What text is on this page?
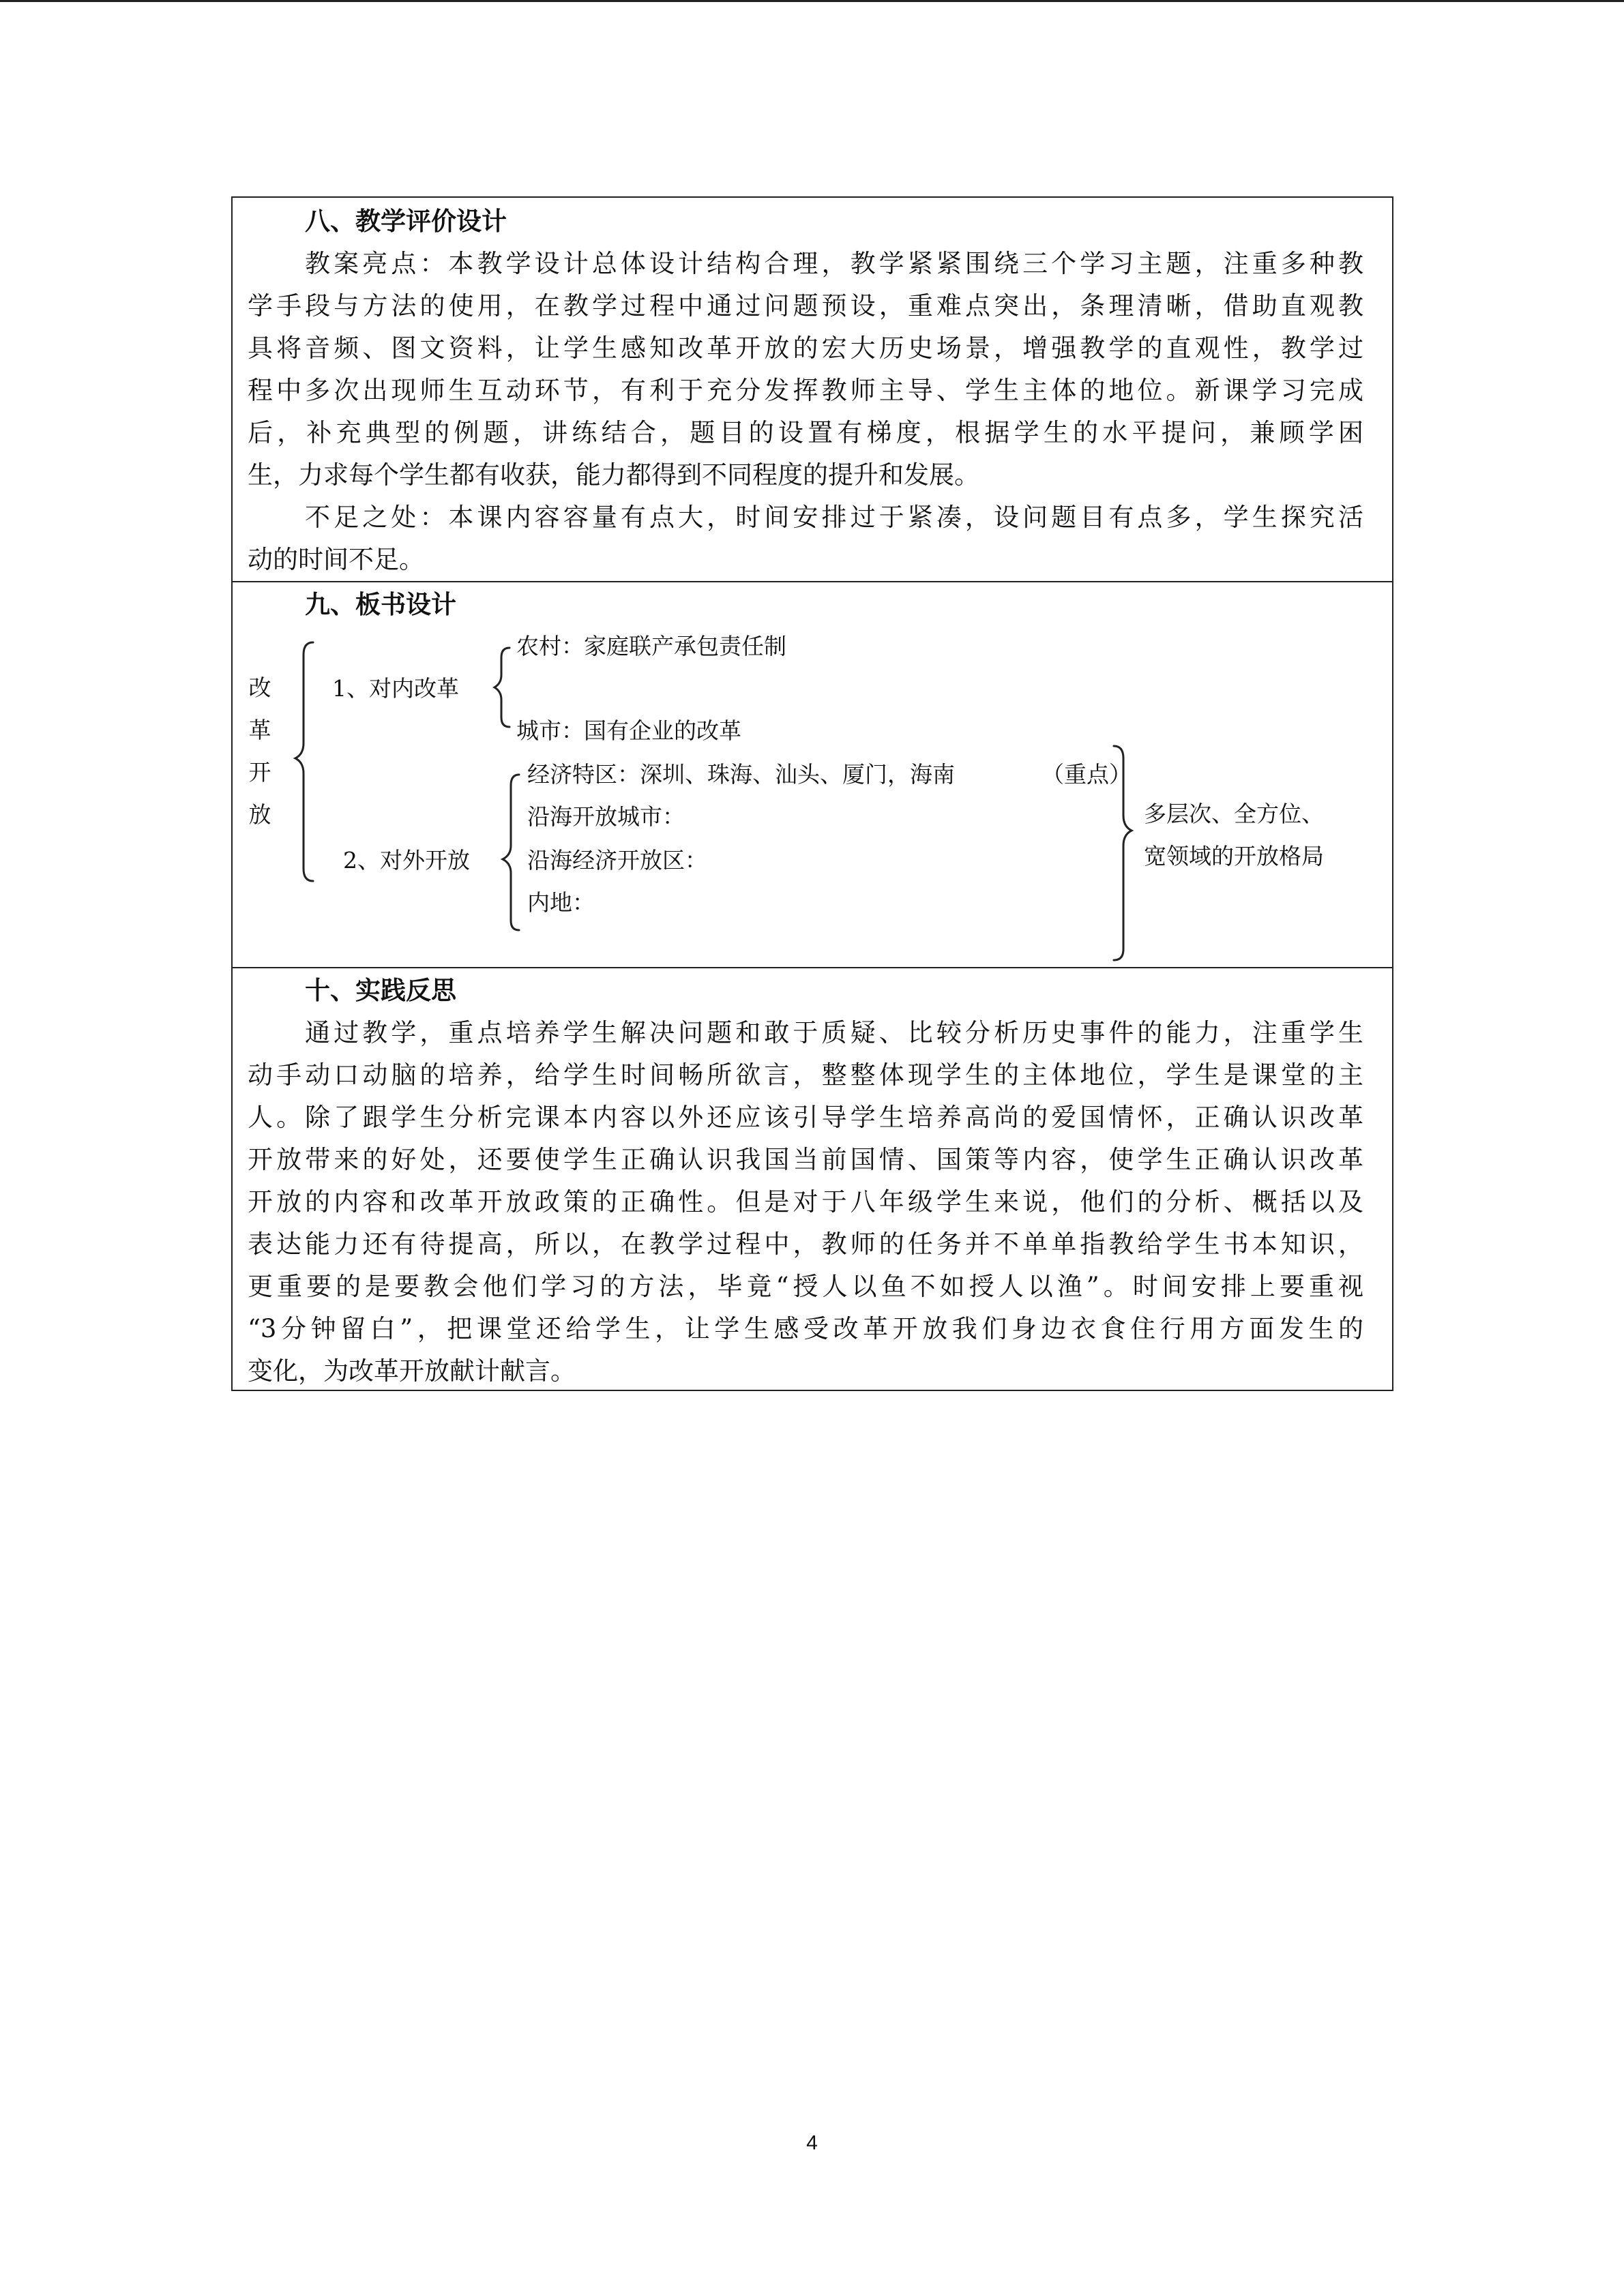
八、教学评价设计
教案亮点：本教学设计总体设计结构合理，教学紧紧围绕三个学习主题，注重多种教
学手段与方法的使用，在教学过程中通过问题预设，重难点突出，条理清晰，借助直观教
具将音频、图文资料，让学生感知改革开放的宏大历史场景，增强教学的直观性，教学过
程中多次出现师生互动环节，有利于充分发挥教师主导、学生主体的地位。新课学习完成
后，补充典型的例题，讲练结合，题目的设置有梯度，根据学生的水平提问，兼顾学困
生，力求每个学生都有收获，能力都得到不同程度的提升和发展。
不足之处：本课内容容量有点大，时间安排过于紧凑，设问题目有点多，学生探究活
动的时间不足。
九、板书设计
改
革
开
放
1、对内改革
农村：家庭联产承包责任制
城市：国有企业的改革
2、对外开放
经济特区：深圳、珠海、汕头、厦门，海南
沿海开放城市：
沿海经济开放区：
内地：
（重点）
多层次、全方位、
宽领域的开放格局
十、实践反思
通过教学，重点培养学生解决问题和敢于质疑、比较分析历史事件的能力，注重学生
动手动口动脑的培养，给学生时间畅所欲言，整整体现学生的主体地位，学生是课堂的主
人。除了跟学生分析完课本内容以外还应该引导学生培养高尚的爱国情怀，正确认识改革
开放带来的好处，还要使学生正确认识我国当前国情、国策等内容，使学生正确认识改革
开放的内容和改革开放政策的正确性。但是对于八年级学生来说，他们的分析、概括以及
表达能力还有待提高，所以，在教学过程中，教师的任务并不单单指教给学生书本知识，
更重要的是要教会他们学习的方法，毕竟“授人以鱼不如授人以渔”。时间安排上要重视
“3分钟留白”，把课堂还给学生，让学生感受改革开放我们身边衣食住行用方面发生的
变化，为改革开放献计献言。
4
